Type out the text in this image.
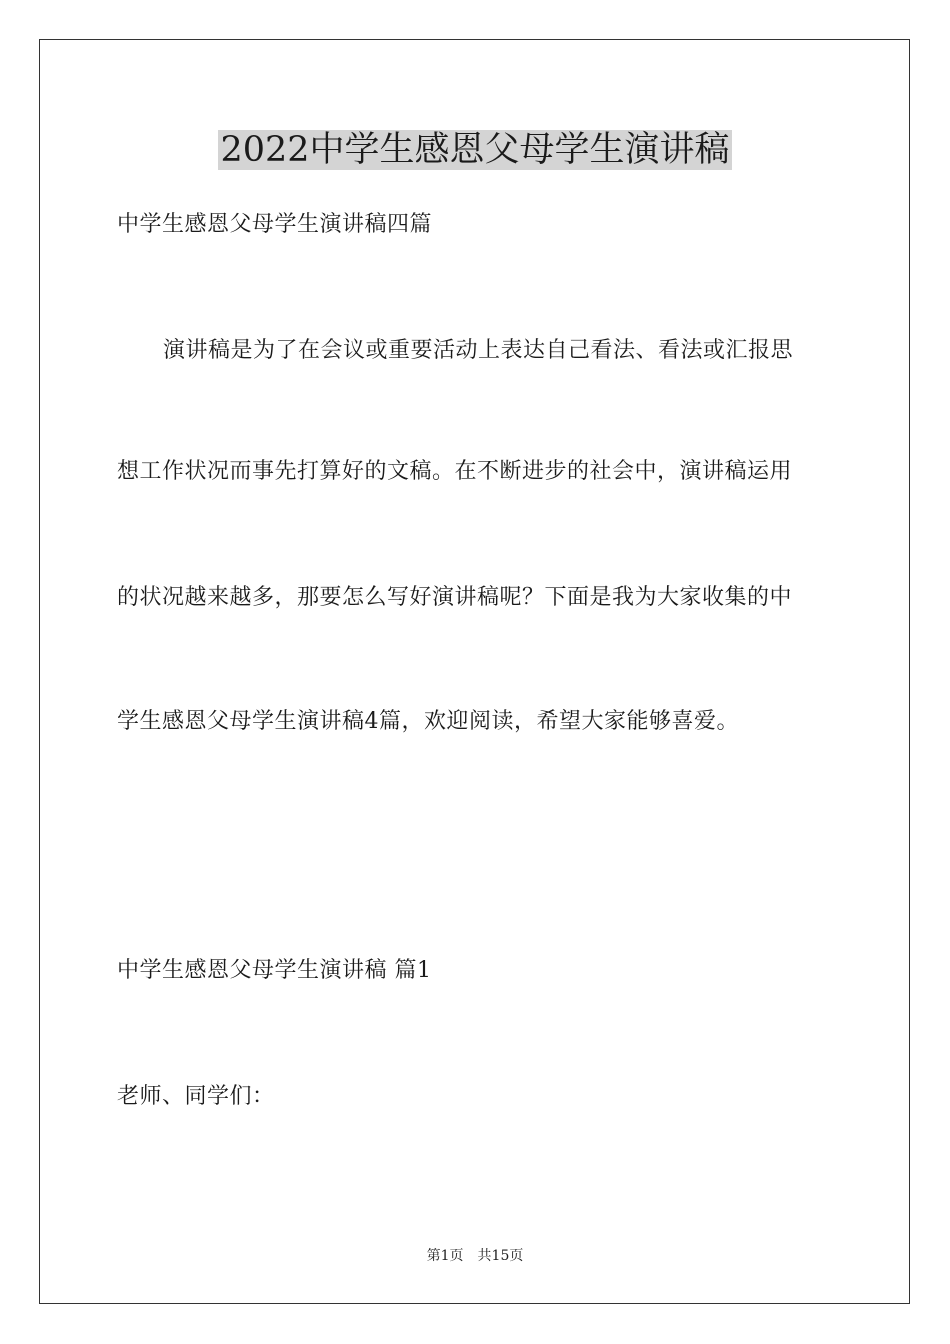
2022中学生感恩父母学生演讲稿

中学生感恩父母学生演讲稿四篇

演讲稿是为了在会议或重要活动上表达自己看法、看法或汇报思

想工作状况而事先打算好的文稿。在不断进步的社会中，演讲稿运用

的状况越来越多，那要怎么写好演讲稿呢？下面是我为大家收集的中

学生感恩父母学生演讲稿4篇，欢迎阅读，希望大家能够喜爱。

中学生感恩父母学生演讲稿 篇1

老师、同学们：

第1页　共15页
